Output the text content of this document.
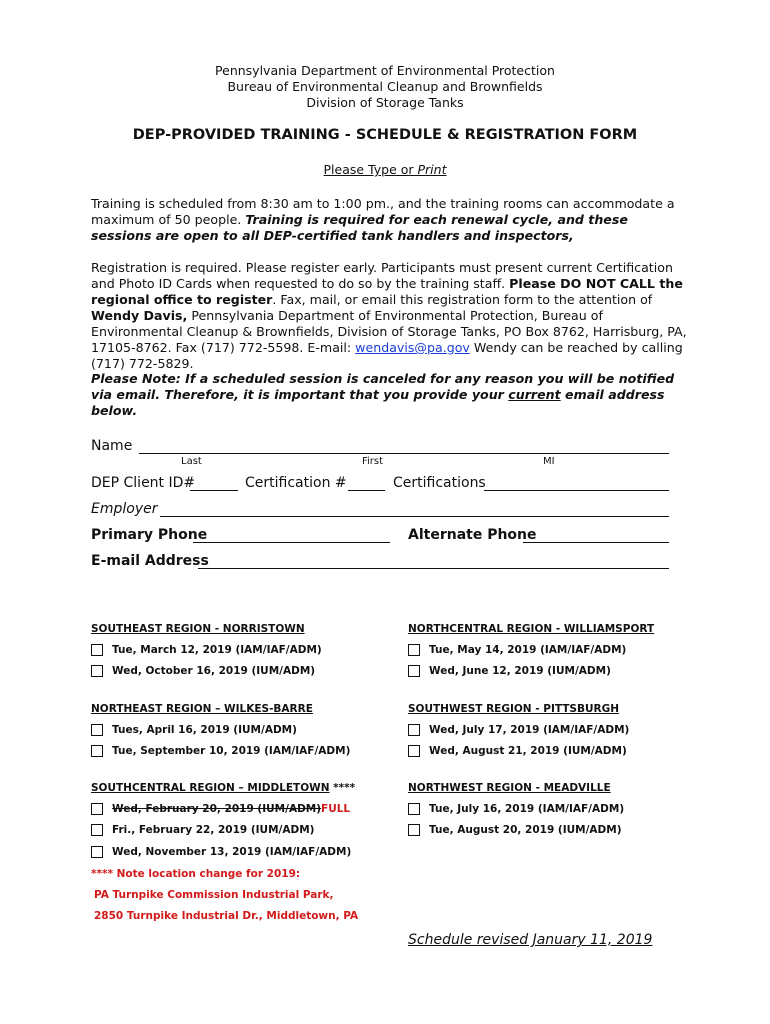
Pennsylvania Department of Environmental Protection
Bureau of Environmental Cleanup and Brownfields
Division of Storage Tanks
DEP-PROVIDED TRAINING - SCHEDULE & REGISTRATION FORM
Please Type or Print
Training is scheduled from 8:30 am to 1:00 pm., and the training rooms can accommodate a maximum of 50 people. Training is required for each renewal cycle, and these sessions are open to all DEP-certified tank handlers and inspectors,
Registration is required. Please register early. Participants must present current Certification and Photo ID Cards when requested to do so by the training staff. Please DO NOT CALL the regional office to register. Fax, mail, or email this registration form to the attention of Wendy Davis, Pennsylvania Department of Environmental Protection, Bureau of Environmental Cleanup & Brownfields, Division of Storage Tanks, PO Box 8762, Harrisburg, PA, 17105-8762. Fax (717) 772-5598. E-mail: wendavis@pa.gov Wendy can be reached by calling (717) 772-5829.
Please Note: If a scheduled session is canceled for any reason you will be notified via email. Therefore, it is important that you provide your current email address below.
Name
Last	First	MI
DEP Client ID#	Certification #	Certifications
Employer
Primary Phone	Alternate Phone
E-mail Address
SOUTHEAST REGION - NORRISTOWN
Tue, March 12, 2019 (IAM/IAF/ADM)
Wed, October 16, 2019 (IUM/ADM)
NORTHCENTRAL REGION - WILLIAMSPORT
Tue, May 14, 2019 (IAM/IAF/ADM)
Wed, June 12, 2019 (IUM/ADM)
NORTHEAST REGION – WILKES-BARRE
Tues, April 16, 2019 (IUM/ADM)
Tue, September 10, 2019 (IAM/IAF/ADM)
SOUTHWEST REGION - PITTSBURGH
Wed, July 17, 2019 (IAM/IAF/ADM)
Wed, August 21, 2019 (IUM/ADM)
SOUTHCENTRAL REGION – MIDDLETOWN ****
Wed, February 20, 2019 (IUM/ADM) FULL
Fri., February 22, 2019 (IUM/ADM)
Wed, November 13, 2019 (IAM/IAF/ADM)
**** Note location change for 2019:
PA Turnpike Commission Industrial Park,
2850 Turnpike Industrial Dr., Middletown, PA
NORTHWEST REGION - MEADVILLE
Tue, July 16, 2019 (IAM/IAF/ADM)
Tue, August 20, 2019 (IUM/ADM)
Schedule revised January 11, 2019
